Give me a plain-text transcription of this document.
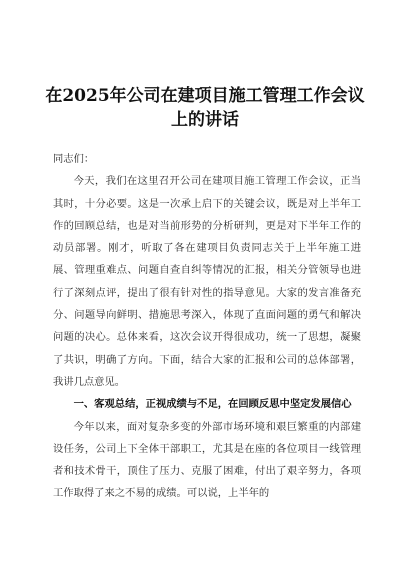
在2025年公司在建项目施工管理工作会议上的讲话

同志们：

今天，我们在这里召开公司在建项目施工管理工作会议，正当其时，十分必要。这是一次承上启下的关键会议，既是对上半年工作的回顾总结，也是对当前形势的分析研判，更是对下半年工作的动员部署。刚才，听取了各在建项目负责同志关于上半年施工进展、管理重难点、问题自查自纠等情况的汇报，相关分管领导也进行了深刻点评，提出了很有针对性的指导意见。大家的发言准备充分、问题导向鲜明、措施思考深入，体现了直面问题的勇气和解决问题的决心。总体来看，这次会议开得很成功，统一了思想，凝聚了共识，明确了方向。下面，结合大家的汇报和公司的总体部署，我讲几点意见。

一、客观总结，正视成绩与不足，在回顾反思中坚定发展信心

今年以来，面对复杂多变的外部市场环境和艰巨繁重的内部建设任务，公司上下全体干部职工，尤其是在座的各位项目一线管理者和技术骨干，顶住了压力、克服了困难，付出了艰辛努力，各项工作取得了来之不易的成绩。可以说，上半年的
